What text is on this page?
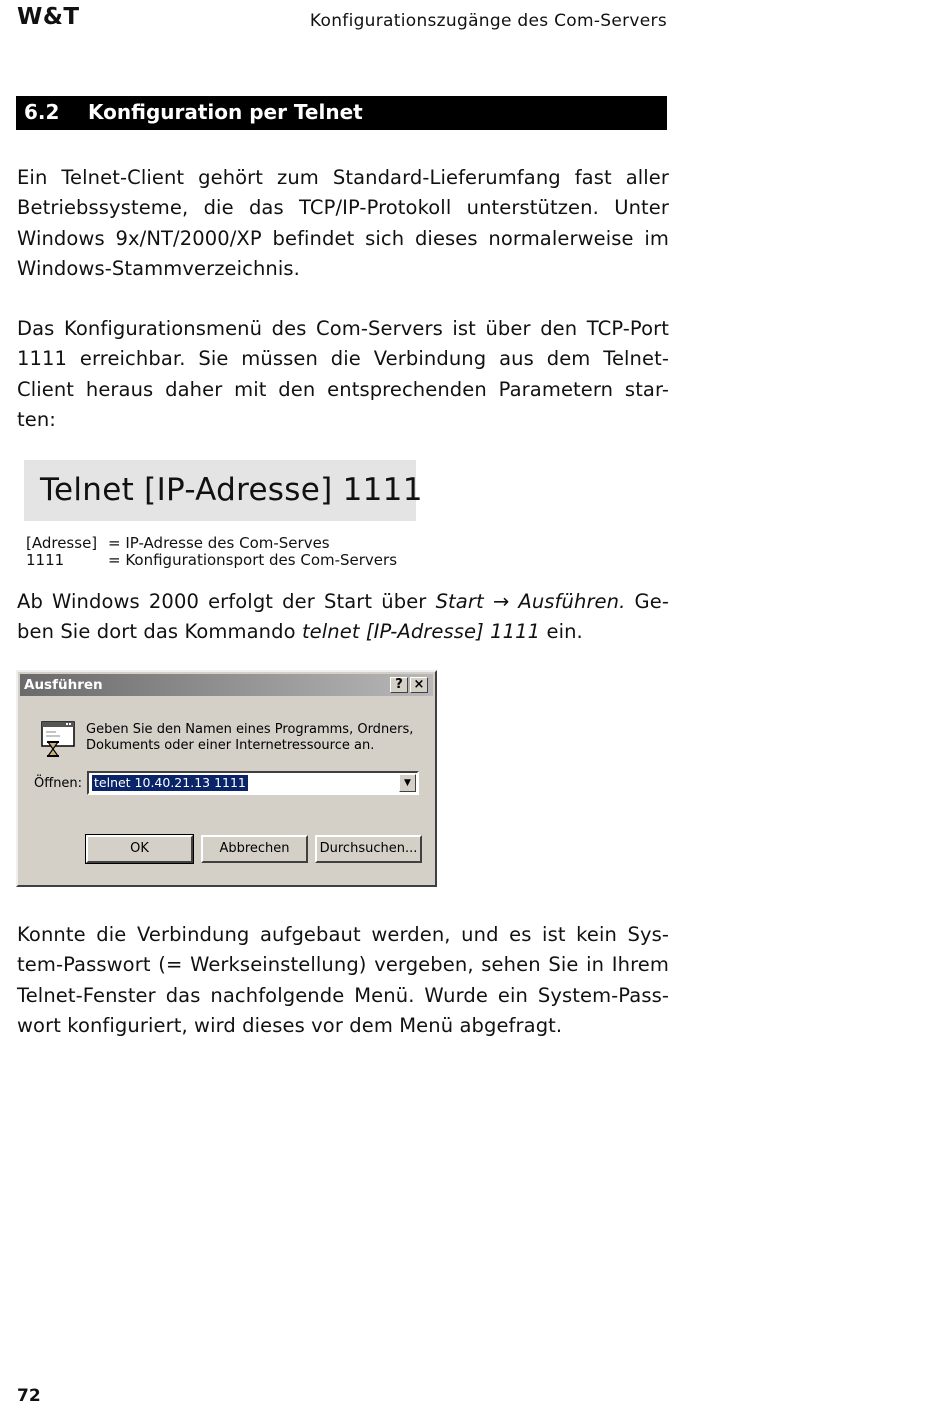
W&T	Konfigurationszugänge des Com-Servers
6.2 Konfiguration per Telnet
Ein Telnet-Client gehört zum Standard-Lieferumfang fast aller
Betriebssysteme, die das TCP/IP-Protokoll unterstützen. Unter
Windows 9x/NT/2000/XP befindet sich dieses normalerweise im
Windows-Stammverzeichnis.
Das Konfigurationsmenü des Com-Servers ist über den TCP-Port
1111 erreichbar. Sie müssen die Verbindung aus dem Telnet-
Client heraus daher mit den entsprechenden Parametern star-
ten:
Telnet [IP-Adresse] 1111
[Adresse] = IP-Adresse des Com-Serves
1111	= Konfigurationsport des Com-Servers
Ab Windows 2000 erfolgt der Start über Start → Ausführen. Ge-
ben Sie dort das Kommando telnet [IP-Adresse] 1111 ein.
Ausführen	? ×
Geben Sie den Namen eines Programms, Ordners,
Dokuments oder einer Internetressource an.
Öffnen: telnet 10.40.21.13 1111	▼
OK	Abbrechen	Durchsuchen...
Konnte die Verbindung aufgebaut werden, und es ist kein Sys-
tem-Passwort (= Werkseinstellung) vergeben, sehen Sie in Ihrem
Telnet-Fenster das nachfolgende Menü. Wurde ein System-Pass-
wort konfiguriert, wird dieses vor dem Menü abgefragt.
72
